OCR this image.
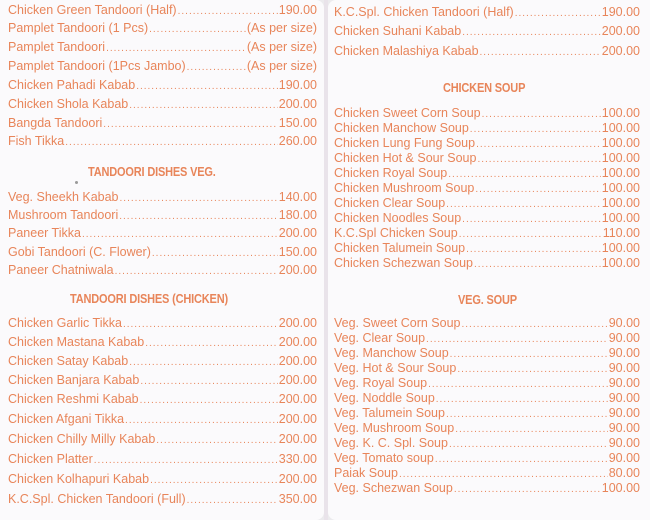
Chicken Green Tandoori (Half) .....	190.00
Pamplet Tandoori (1 Pcs) .....	(As per size)
Pamplet Tandoori .....	(As per size)
Pamplet Tandoori (1Pcs Jambo) .....	(As per size)
Chicken Pahadi Kabab .....	190.00
Chicken Shola Kabab .....	200.00
Bangda Tandoori .....	150.00
Fish Tikka .....	260.00
TANDOORI DISHES VEG.
Veg. Sheekh Kabab .....	140.00
Mushroom Tandoori .....	180.00
Paneer Tikka .....	200.00
Gobi Tandoori (C. Flower) .....	150.00
Paneer Chatniwala .....	200.00
TANDOORI DISHES (CHICKEN)
Chicken Garlic Tikka .....	200.00
Chicken Mastana Kabab .....	200.00
Chicken Satay Kabab .....	200.00
Chicken Banjara Kabab .....	200.00
Chicken Reshmi Kabab .....	200.00
Chicken Afgani Tikka .....	200.00
Chicken Chilly Milly Kabab .....	200.00
Chicken Platter .....	330.00
Chicken Kolhapuri Kabab .....	200.00
K.C.Spl. Chicken Tandoori (Full) .....	350.00
K.C.Spl. Chicken Tandoori (Half) .....	190.00
Chicken Suhani Kabab .....	200.00
Chicken Malashiya Kabab .....	200.00
CHICKEN SOUP
Chicken Sweet Corn Soup .....	100.00
Chicken Manchow Soup .....	100.00
Chicken Lung Fung Soup .....	100.00
Chicken Hot & Sour Soup .....	100.00
Chicken Royal Soup .....	100.00
Chicken Mushroom Soup .....	100.00
Chicken Clear Soup .....	100.00
Chicken Noodles Soup .....	100.00
K.C.Spl Chicken Soup .....	110.00
Chicken Talumein Soup .....	100.00
Chicken Schezwan Soup .....	100.00
VEG. SOUP
Veg. Sweet Corn Soup .....	90.00
Veg. Clear Soup .....	90.00
Veg. Manchow Soup .....	90.00
Veg. Hot & Sour Soup .....	90.00
Veg. Royal Soup .....	90.00
Veg. Noddle Soup .....	90.00
Veg. Talumein Soup .....	90.00
Veg. Mushroom Soup .....	90.00
Veg. K. C. Spl. Soup .....	90.00
Veg. Tomato soup .....	90.00
Paiak Soup .....	80.00
Veg. Schezwan Soup .....	100.00
